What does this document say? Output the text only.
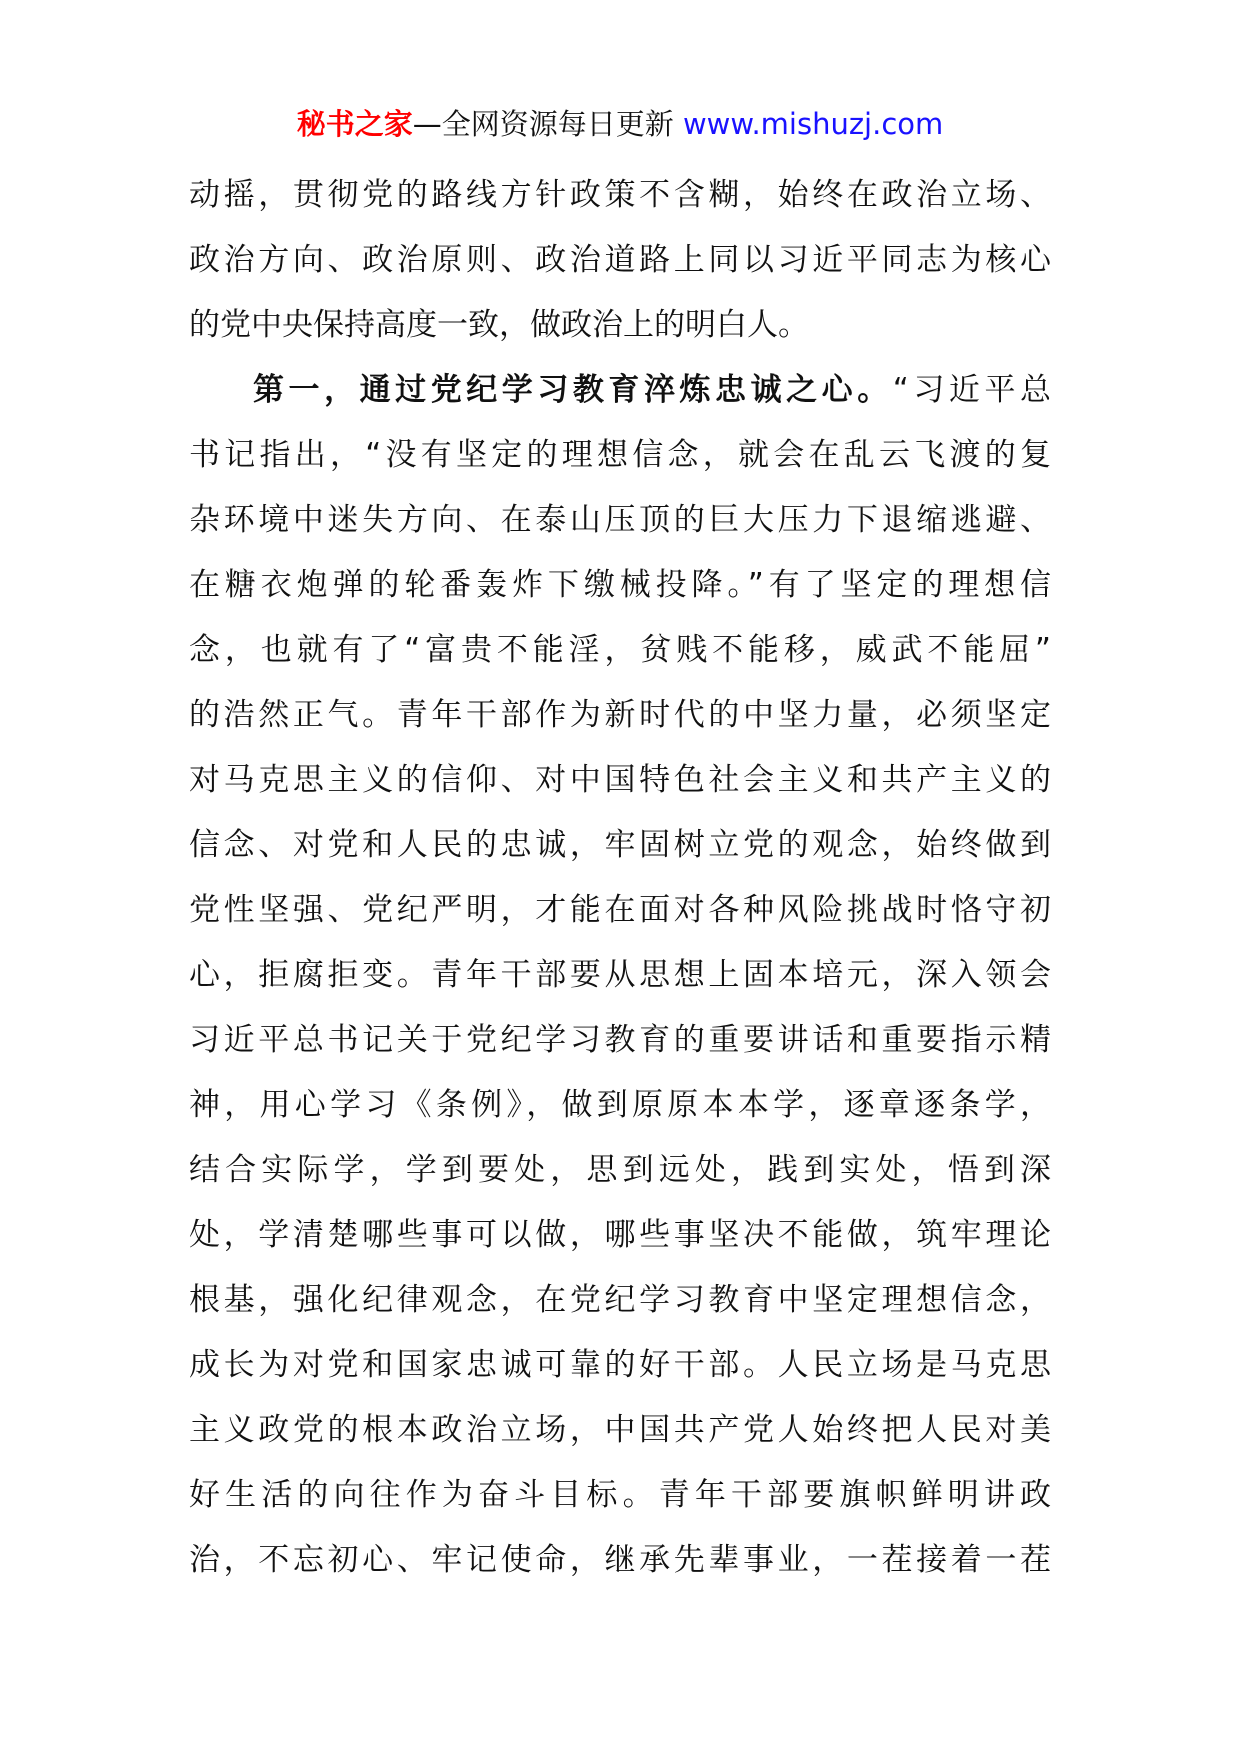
秘书之家—全网资源每日更新 www.mishuzj.com
动摇，贯彻党的路线方针政策不含糊，始终在政治立场、
政治方向、政治原则、政治道路上同以习近平同志为核心
的党中央保持高度一致，做政治上的明白人。
第一，通过党纪学习教育淬炼忠诚之心。“习近平总
书记指出，“没有坚定的理想信念，就会在乱云飞渡的复
杂环境中迷失方向、在泰山压顶的巨大压力下退缩逃避、
在糖衣炮弹的轮番轰炸下缴械投降。”有了坚定的理想信
念，也就有了“富贵不能淫，贫贱不能移，威武不能屈”
的浩然正气。青年干部作为新时代的中坚力量，必须坚定
对马克思主义的信仰、对中国特色社会主义和共产主义的
信念、对党和人民的忠诚，牢固树立党的观念，始终做到
党性坚强、党纪严明，才能在面对各种风险挑战时恪守初
心，拒腐拒变。青年干部要从思想上固本培元，深入领会
习近平总书记关于党纪学习教育的重要讲话和重要指示精
神，用心学习《条例》，做到原原本本学，逐章逐条学，
结合实际学，学到要处，思到远处，践到实处，悟到深
处，学清楚哪些事可以做，哪些事坚决不能做，筑牢理论
根基，强化纪律观念，在党纪学习教育中坚定理想信念，
成长为对党和国家忠诚可靠的好干部。人民立场是马克思
主义政党的根本政治立场，中国共产党人始终把人民对美
好生活的向往作为奋斗目标。青年干部要旗帜鲜明讲政
治，不忘初心、牢记使命，继承先辈事业，一茬接着一茬
